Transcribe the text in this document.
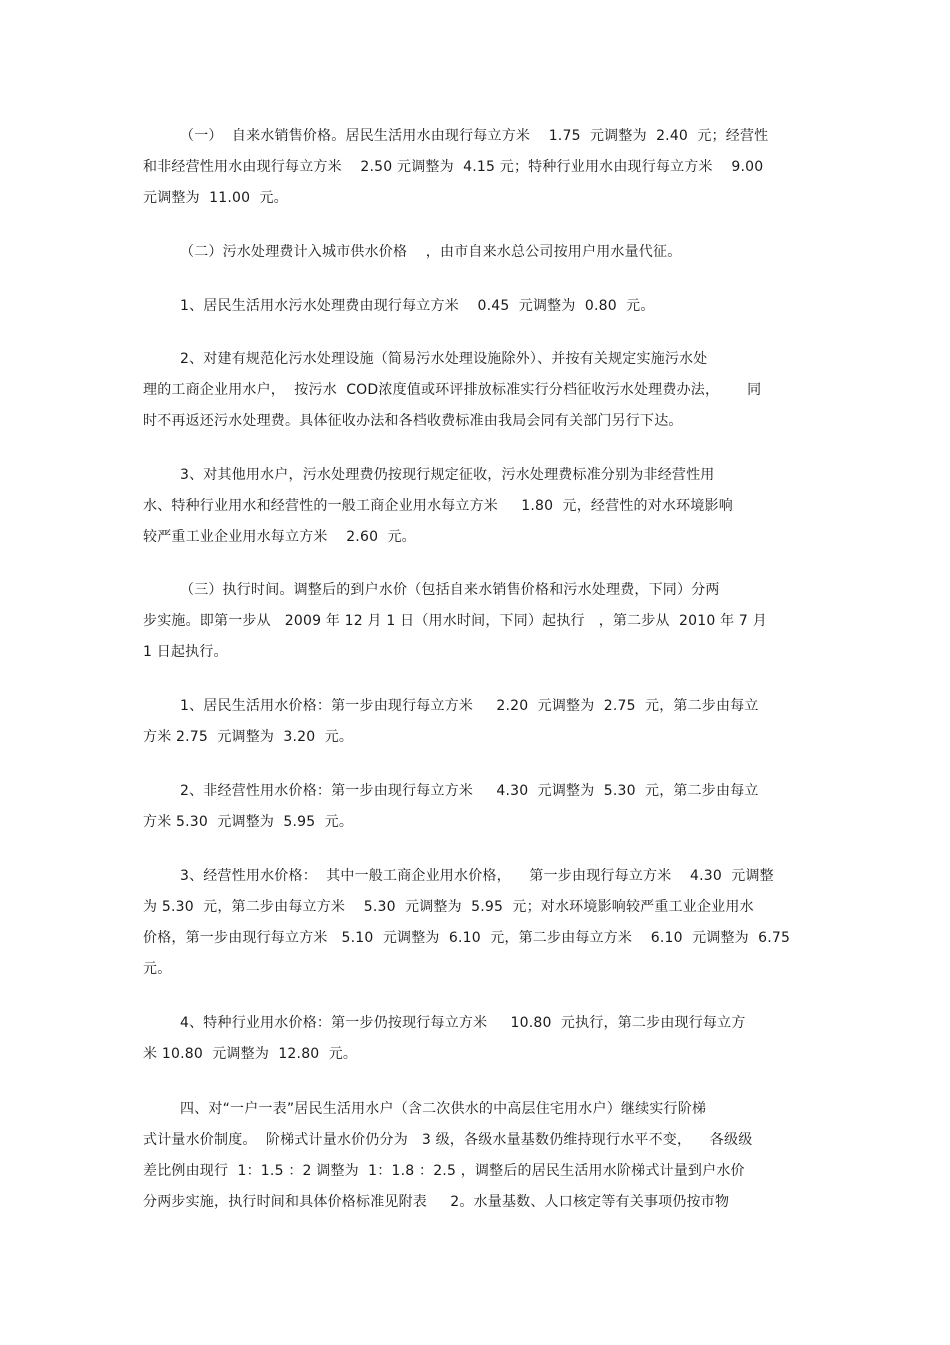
（一）  自来水销售价格。居民生活用水由现行每立方米    1.75  元调整为  2.40  元；经营性
和非经营性用水由现行每立方米    2.50 元调整为  4.15 元；特种行业用水由现行每立方米    9.00
元调整为  11.00  元。
（二）污水处理费计入城市供水价格    ，由市自来水总公司按用户用水量代征。
1、居民生活用水污水处理费由现行每立方米    0.45  元调整为  0.80  元。
2、对建有规范化污水处理设施（简易污水处理设施除外）、并按有关规定实施污水处
理的工商企业用水户，  按污水  COD浓度值或环评排放标准实行分档征收污水处理费办法，      同
时不再返还污水处理费。具体征收办法和各档收费标准由我局会同有关部门另行下达。
3、对其他用水户，污水处理费仍按现行规定征收，污水处理费标准分别为非经营性用
水、特种行业用水和经营性的一般工商企业用水每立方米     1.80  元，经营性的对水环境影响
较严重工业企业用水每立方米    2.60  元。
（三）执行时间。调整后的到户水价（包括自来水销售价格和污水处理费，下同）分两
步实施。即第一步从   2009 年 12 月 1 日（用水时间，下同）起执行   ，第二步从  2010 年 7 月
1 日起执行。
1、居民生活用水价格：第一步由现行每立方米     2.20  元调整为  2.75  元，第二步由每立
方米 2.75  元调整为  3.20  元。
2、非经营性用水价格：第一步由现行每立方米     4.30  元调整为  5.30  元，第二步由每立
方米 5.30  元调整为  5.95  元。
3、经营性用水价格：  其中一般工商企业用水价格，    第一步由现行每立方米    4.30  元调整
为 5.30  元，第二步由每立方米    5.30  元调整为  5.95  元；对水环境影响较严重工业企业用水
价格，第一步由现行每立方米   5.10  元调整为  6.10  元，第二步由每立方米    6.10  元调整为  6.75
元。
4、特种行业用水价格：第一步仍按现行每立方米     10.80  元执行，第二步由现行每立方
米 10.80  元调整为  12.80  元。
四、对“一户一表”居民生活用水户（含二次供水的中高层住宅用水户）继续实行阶梯
式计量水价制度。  阶梯式计量水价仍分为   3 级，各级水量基数仍维持现行水平不变，    各级级
差比例由现行  1：1.5 ：2 调整为  1：1.8 ：2.5 ，调整后的居民生活用水阶梯式计量到户水价
分两步实施，执行时间和具体价格标准见附表     2。水量基数、人口核定等有关事项仍按市物
